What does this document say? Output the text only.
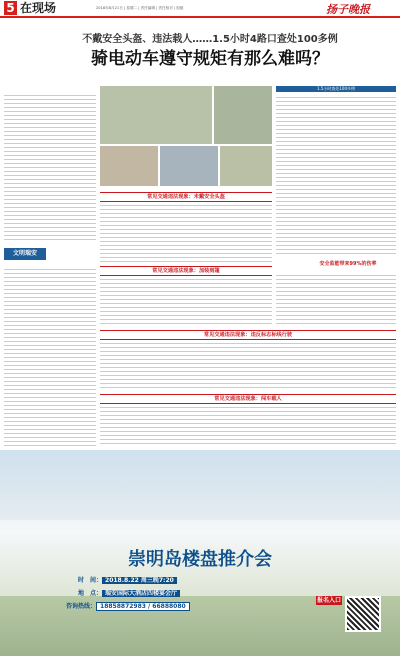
5 在现场	2018年8月21日 | 星期二 | 责任编辑 | 责任校对 | 组版	扬子晚报
不戴安全头盔、违法载人……1.5小时4路口查处100多例
骑电动车遵守规矩有那么难吗？
文明瑞安
1.5小时查处100多例
常见交通违法现象：未戴安全头盔
常见交通违法现象：加装雨篷
常见交通违法现象：违反标志标线行驶
常见交通违法现象：闯车载人
安全监能带来99%的伤率
崇明岛楼盘推介会
时　间： 2018.8.22 周三晚7:20
地　点： 瑞安国际大酒店四楼宴会厅
咨询热线： 18858872983 / 66888080
报名入口
